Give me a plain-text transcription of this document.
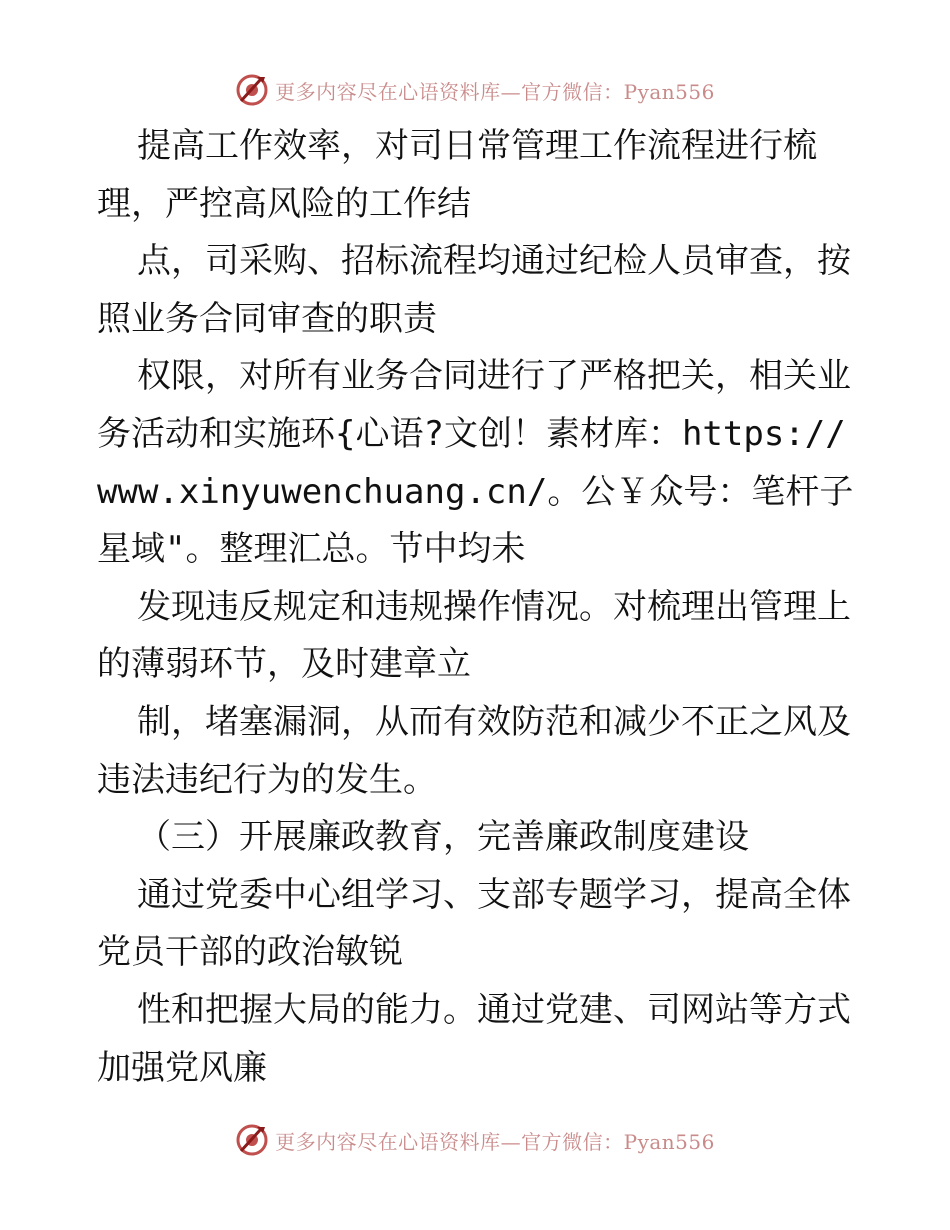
更多内容尽在心语资料库—官方微信：Pyan556

提高工作效率，对司日常管理工作流程进行梳理，严控高风险的工作结

点，司采购、招标流程均通过纪检人员审查，按照业务合同审查的职责

权限，对所有业务合同进行了严格把关，相关业务活动和实施环{心语?文创！素材库：https://www.xinyuwenchuang.cn/。公￥众号：笔杆子星域"。整理汇总。节中均未

发现违反规定和违规操作情况。对梳理出管理上的薄弱环节，及时建章立

制，堵塞漏洞，从而有效防范和减少不正之风及违法违纪行为的发生。

（三）开展廉政教育，完善廉政制度建设

通过党委中心组学习、支部专题学习，提高全体党员干部的政治敏锐

性和把握大局的能力。通过党建、司网站等方式加强党风廉

更多内容尽在心语资料库—官方微信：Pyan556
